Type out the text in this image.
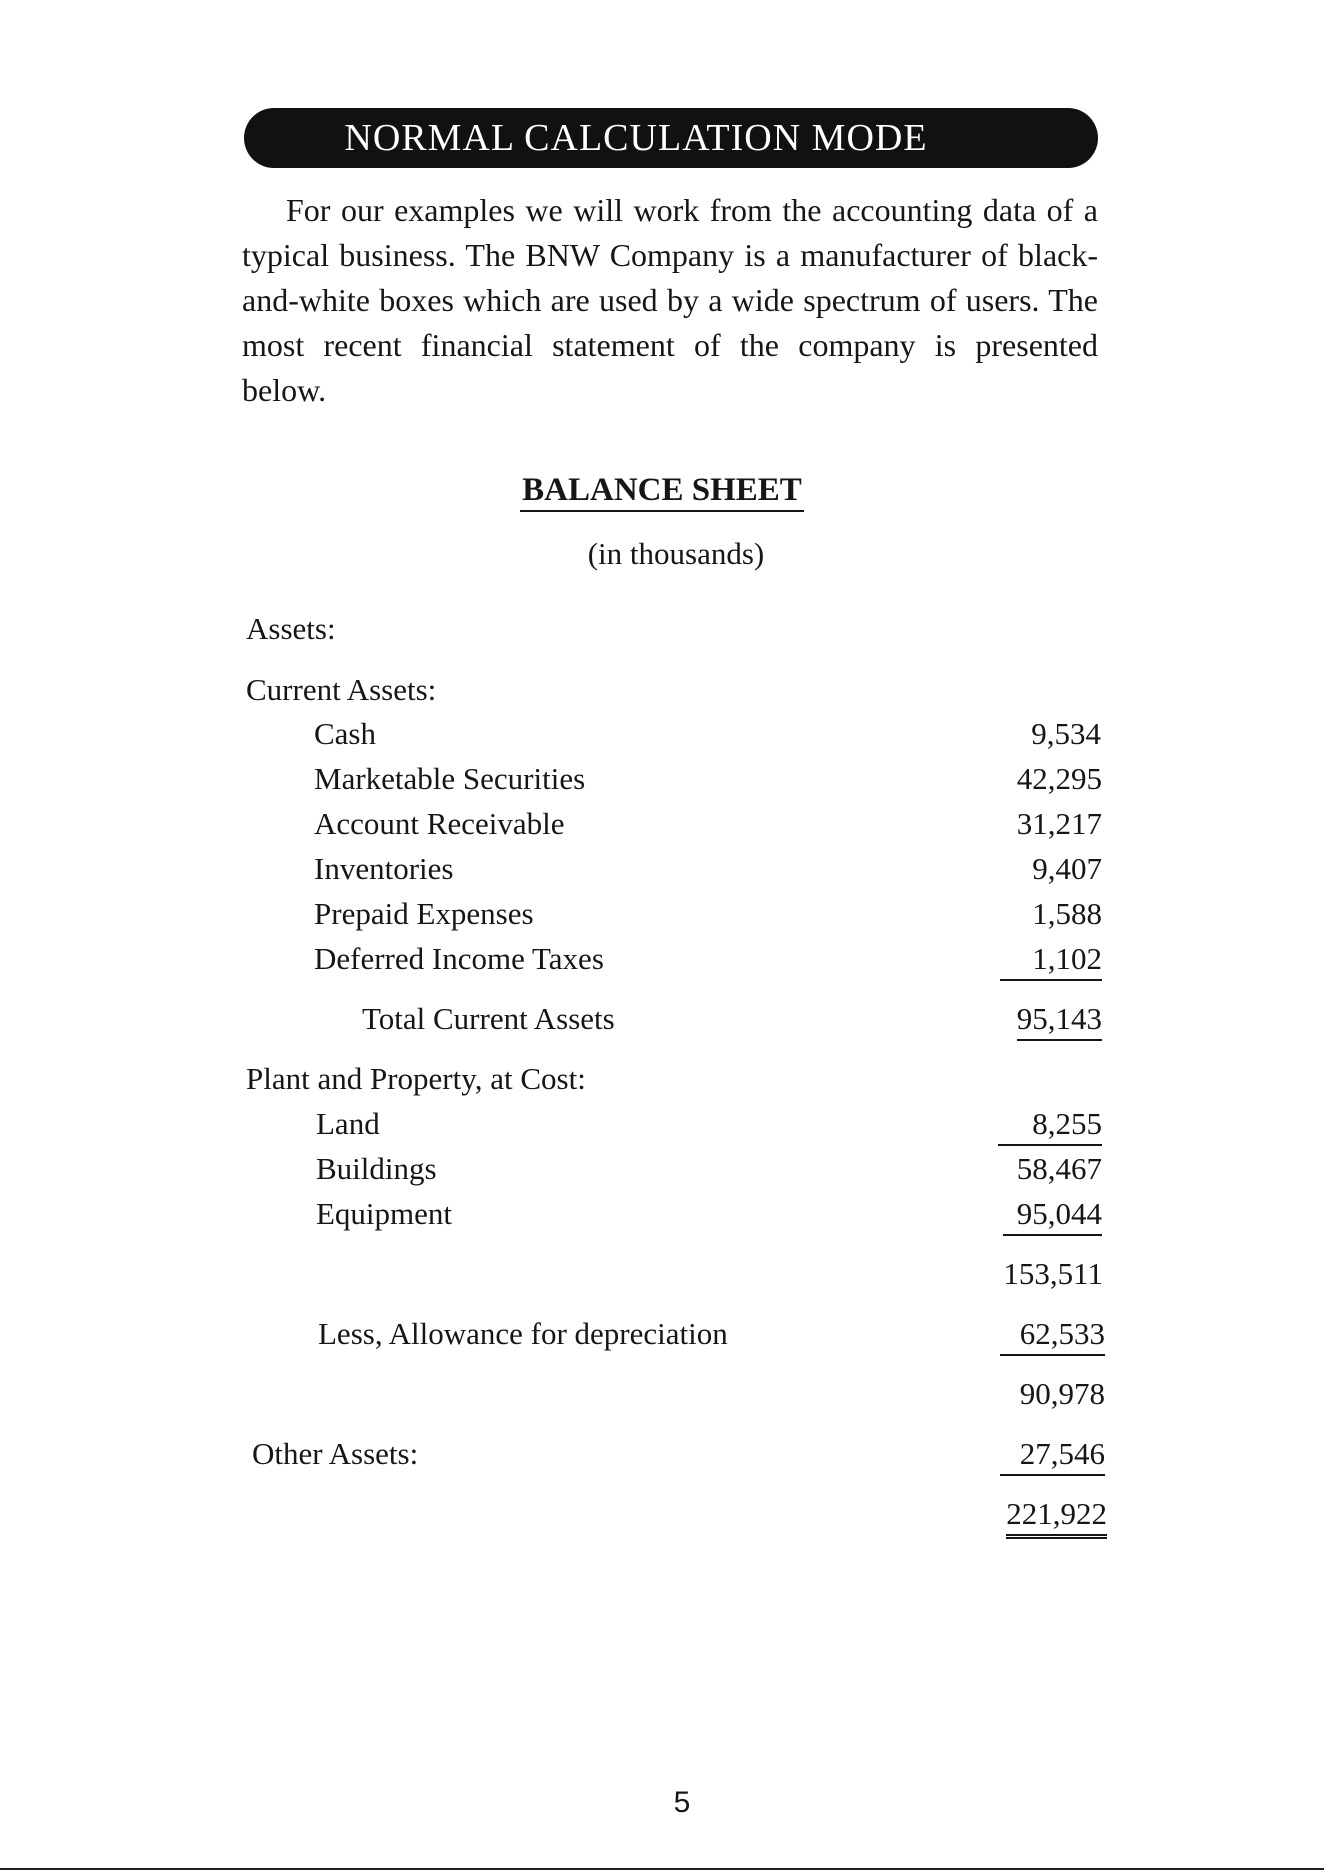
NORMAL CALCULATION MODE

For our examples we will work from the accounting data of a typical business. The BNW Company is a manufacturer of black-and-white boxes which are used by a wide spectrum of users. The most recent financial statement of the company is presented below.

BALANCE SHEET
(in thousands)
Assets:
Current Assets:
Cash	9,534
Marketable Securities	42,295
Account Receivable	31,217
Inventories	9,407
Prepaid Expenses	1,588
Deferred Income Taxes	1,102
Total Current Assets	95,143
Plant and Property, at Cost:
Land	8,255
Buildings	58,467
Equipment	95,044
153,511
Less, Allowance for depreciation	62,533
90,978
Other Assets:	27,546
221,922
5
